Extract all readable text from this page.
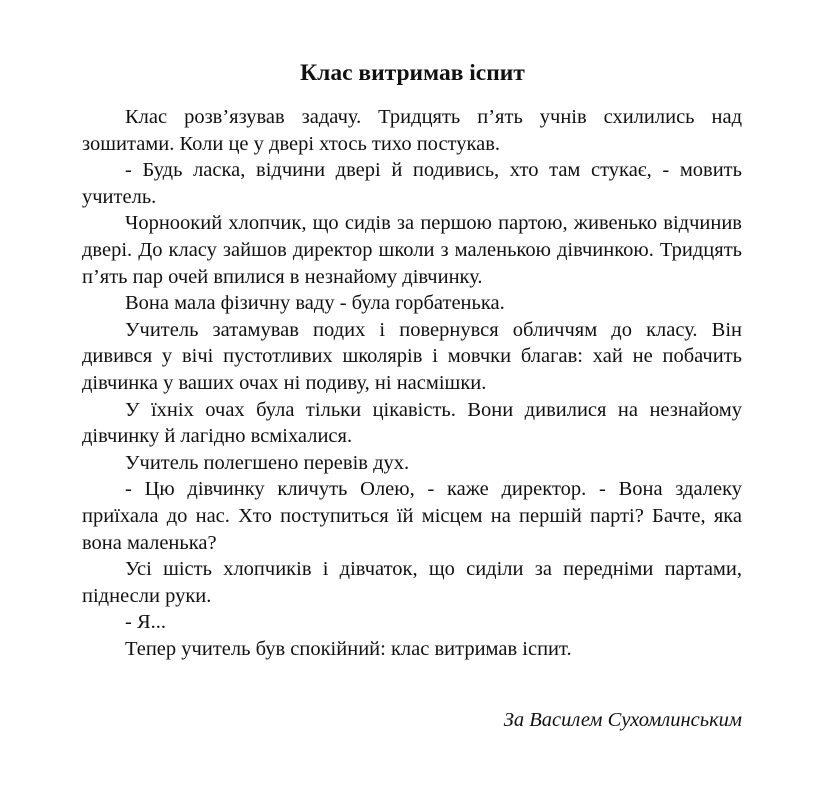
Клас витримав іспит

Клас розв’язував задачу. Тридцять п’ять учнів схилились над зошитами. Коли це у двері хтось тихо постукав.

- Будь ласка, відчини двері й подивись, хто там стукає, - мовить учитель.

Чорноокий хлопчик, що сидів за першою партою, живенько відчинив двері. До класу зайшов директор школи з маленькою дівчинкою. Тридцять п’ять пар очей впилися в незнайому дівчинку.

Вона мала фізичну ваду - була горбатенька.

Учитель затамував подих і повернувся обличчям до класу. Він дивився у вічі пустотливих школярів і мовчки благав: хай не побачить дівчинка у ваших очах ні подиву, ні насмішки.

У їхніх очах була тільки цікавість. Вони дивилися на незнайому дівчинку й лагідно всміхалися.

Учитель полегшено перевів дух.

- Цю дівчинку кличуть Олею, - каже директор. - Вона здалеку приїхала до нас. Хто поступиться їй місцем на першій парті? Бачте, яка вона маленька?

Усі шість хлопчиків і дівчаток, що сиділи за передніми партами, піднесли руки.

- Я...

Тепер учитель був спокійний: клас витримав іспит.

За Василем Сухомлинським
